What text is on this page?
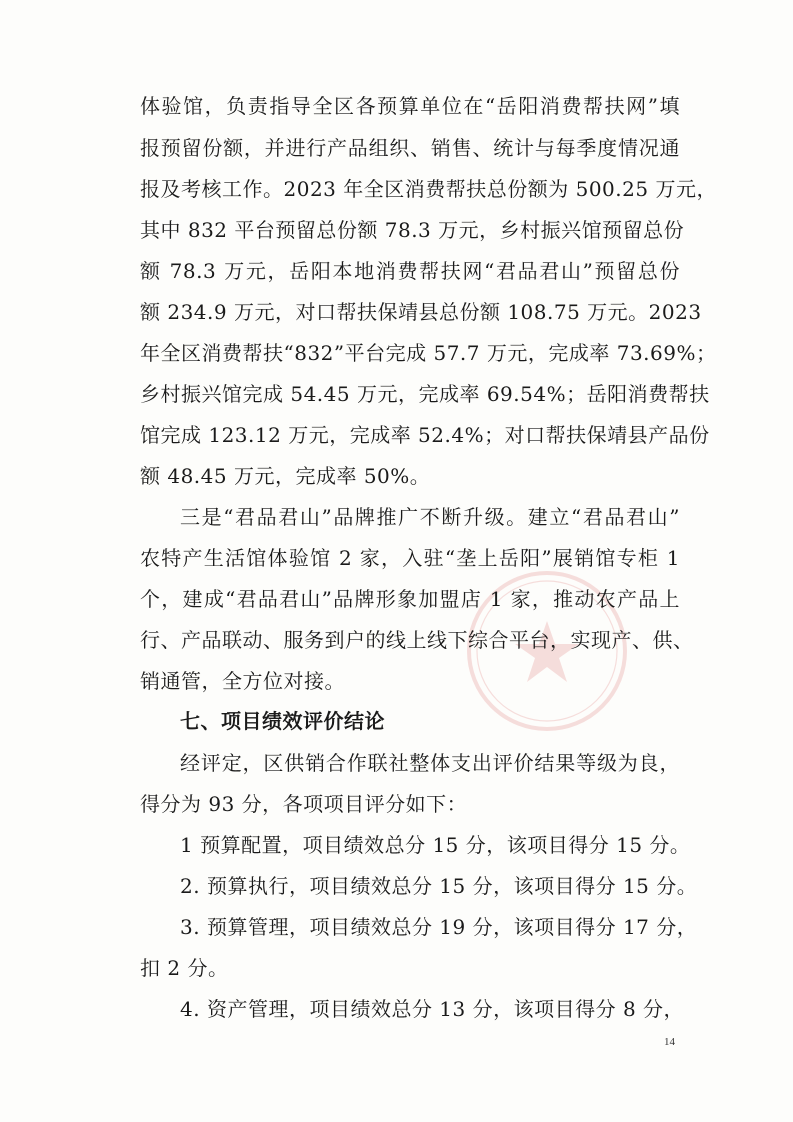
体验馆，负责指导全区各预算单位在“岳阳消费帮扶网”填
报预留份额，并进行产品组织、销售、统计与每季度情况通
报及考核工作。2023 年全区消费帮扶总份额为 500.25 万元，
其中 832 平台预留总份额 78.3 万元，乡村振兴馆预留总份
额 78.3 万元，岳阳本地消费帮扶网“君品君山”预留总份
额 234.9 万元，对口帮扶保靖县总份额 108.75 万元。2023
年全区消费帮扶“832”平台完成 57.7 万元，完成率 73.69%；
乡村振兴馆完成 54.45 万元，完成率 69.54%；岳阳消费帮扶
馆完成 123.12 万元，完成率 52.4%；对口帮扶保靖县产品份
额 48.45 万元，完成率 50%。
三是“君品君山”品牌推广不断升级。建立“君品君山”
农特产生活馆体验馆 2 家，入驻“垄上岳阳”展销馆专柜 1
个，建成“君品君山”品牌形象加盟店 1 家，推动农产品上
行、产品联动、服务到户的线上线下综合平台，实现产、供、
销通管，全方位对接。
七、项目绩效评价结论
经评定，区供销合作联社整体支出评价结果等级为良，
得分为 93 分，各项项目评分如下：
1 预算配置，项目绩效总分 15 分，该项目得分 15 分。
2. 预算执行，项目绩效总分 15 分，该项目得分 15 分。
3. 预算管理，项目绩效总分 19 分，该项目得分 17 分，
扣 2 分。
4. 资产管理，项目绩效总分 13 分，该项目得分 8 分，
14
